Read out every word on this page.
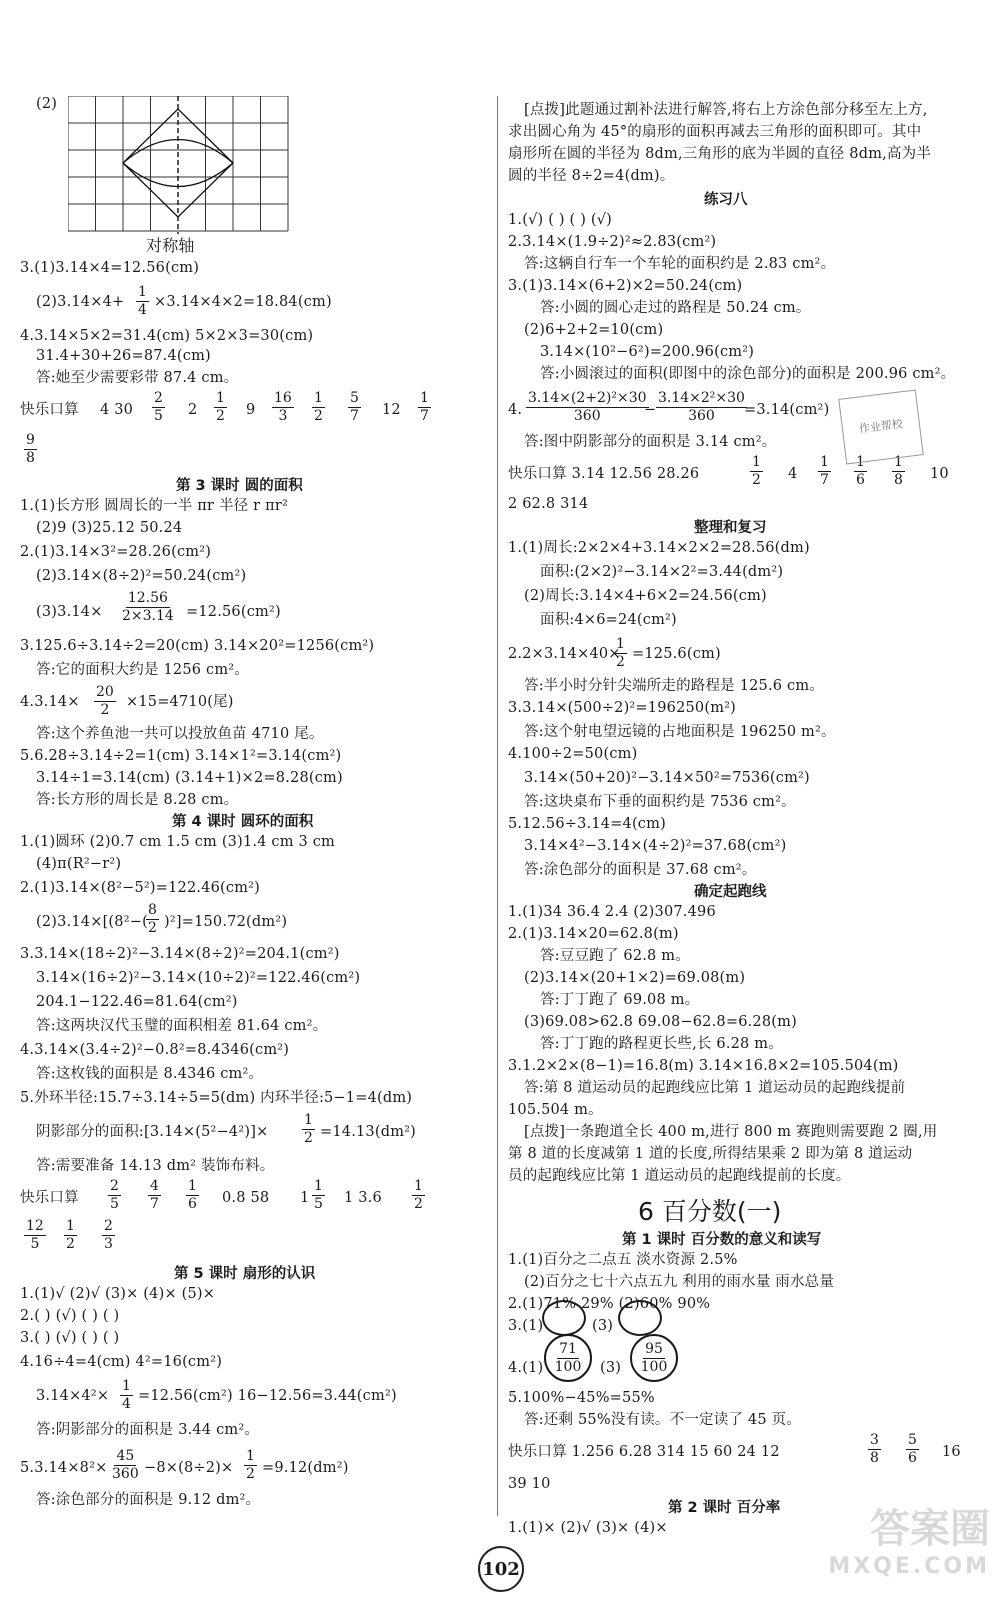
(2)
对称轴
3.(1)3.14×4=12.56(cm)
$(2)3.14\times 4+ \frac{1}{4} \times 3.14\times 4\times 2=18.84(cm)$
4.3.14×5×2=31.4(cm) 5×2×3=30(cm)
31.4+30+26=87.4(cm)
答:她至少需要彩带 87.4 cm。
快乐口算 4 $30 \frac{2}{5} 2 \frac{1}{2} 9 \frac{16}{3} \frac{1}{2} \frac{5}{7} 12 \frac{1}{7}$
$\frac{9}{8}$
第 3 课时 圆的面积
1.(1)长方形 圆周长的一半 πr 半径 r πr²
(2)9 (3)25.12 50.24
2.(1)3.14×3²=28.26(cm²)
(2)3.14×(8÷2)²=50.24(cm²)
$(3)3.14\times \frac{12.56}{2\times 3.14} =12.56(cm^2)$
3.125.6÷3.14÷2=20(cm) 3.14×20²=1256(cm²)
答:它的面积大约是 1256 cm²。
$4.3.14\times \frac{20}{2} \times 15=4710$(尾)
答:这个养鱼池一共可以投放鱼苗 4710 尾。
5.6.28÷3.14÷2=1(cm) 3.14×1²=3.14(cm²)
3.14÷1=3.14(cm) (3.14+1)×2=8.28(cm)
答:长方形的周长是 8.28 cm。
第 4 课时 圆环的面积
1.(1)圆环 (2)0.7 cm 1.5 cm (3)1.4 cm 3 cm
(4)π(R²−r²)
2.(1)3.14×(8²−5²)=122.46(cm²)
(2)3.14×[(8²−(
$\frac{8}{2} )^2]=150.72(dm^2)$
3.3.14×(18÷2)²−3.14×(8÷2)²=204.1(cm²)
3.14×(16÷2)²−3.14×(10÷2)²=122.46(cm²)
204.1−122.46=81.64(cm²)
答:这两块汉代玉璧的面积相差 81.64 cm²。
4.3.14×(3.4÷2)²−0.8²=8.4346(cm²)
答:这枚钱的面积是 8.4346 cm²。
5.外环半径:15.7÷3.14÷5=5(dm) 内环半径:5−1=4(dm)
阴影部分的面积:[3.14×(5²−4²)]× $\frac{1}{2} =14.13(dm^2)$
答:需要准备 14.13 dm² 装饰布料。
快乐口算 $\frac{2}{5} \frac{4}{7} \frac{1}{6} 0.8$ 58 $1 \frac{1}{5} 1$ $3.6 \frac{1}{2}$
$\frac{12}{5} \frac{1}{2} \frac{2}{3}$
第 5 课时 扇形的认识
1.(1)√ (2)√ (3)× (4)× (5)×
2.( ) (√) ( ) ( )
3.( ) (√) ( ) ( )
4.16÷4=4(cm) 4²=16(cm²)
$3.14\times 4^2\times \frac{1}{4} =12.56(cm^2)$ 16−12.56=3.44(cm²)
答:阴影部分的面积是 3.44 cm²。
$5.3.14\times 8^2\times \frac{45}{360} -8\times(8\div 2)\times \frac{1}{2} =9.12(dm^2)$
答:涂色部分的面积是 9.12 dm²。
[点拨]此题通过割补法进行解答,将右上方涂色部分移至左上方,
求出圆心角为 45°的扇形的面积再减去三角形的面积即可。其中
扇形所在圆的半径为 8dm,三角形的底为半圆的直径 8dm,高为半
圆的半径 8÷2=4(dm)。
练习八
1.(√) ( ) ( ) (√)
2.3.14×(1.9÷2)²≈2.83(cm²)
答:这辆自行车一个车轮的面积约是 2.83 cm²。
3.(1)3.14×(6+2)×2=50.24(cm)
答:小圆的圆心走过的路程是 50.24 cm。
(2)6+2+2=10(cm)
3.14×(10²−6²)=200.96(cm²)
答:小圆滚过的面积(即图中的涂色部分)的面积是 200.96 cm²。
4. $\frac{\text{3.14×(2+2)²×30}}{360}$
− $\frac{\text{3.14×2²×30}}{360}$
=3.14(cm²)
答:图中阴影部分的面积是 3.14 cm²。
快乐口算 3.14 12.56 28.26	$\frac{1}{2} 4 \frac{1}{7} \frac{1}{6} \frac{1}{8} 10$
2 62.8 314
整理和复习
1.(1)周长:2×2×4+3.14×2×2=28.56(dm)
面积:(2×2)²−3.14×2²=3.44(dm²)
(2)周长:3.14×4+6×2=24.56(cm)
面积:4×6=24(cm²)
2.2×3.14×40×
$\frac{1}{2} =125.6(cm)$
答:半小时分针尖端所走的路程是 125.6 cm。
3.3.14×(500÷2)²=196250(m²)
答:这个射电望远镜的占地面积是 196250 m²。
4.100÷2=50(cm)
3.14×(50+20)²−3.14×50²=7536(cm²)
答:这块桌布下垂的面积约是 7536 cm²。
5.12.56÷3.14=4(cm)
3.14×4²−3.14×(4÷2)²=37.68(cm²)
答:涂色部分的面积是 37.68 cm²。
确定起跑线
1.(1)34 36.4 2.4 (2)307.496
2.(1)3.14×20=62.8(m)
答:豆豆跑了 62.8 m。
(2)3.14×(20+1×2)=69.08(m)
答:丁丁跑了 69.08 m。
(3)69.08>62.8 69.08−62.8=6.28(m)
答:丁丁跑的路程更长些,长 6.28 m。
3.1.2×2×(8−1)=16.8(m) 3.14×16.8×2=105.504(m)
答:第 8 道运动员的起跑线应比第 1 道运动员的起跑线提前
105.504 m。
[点拨]一条跑道全长 400 m,进行 800 m 赛跑则需要跑 2 圈,用
第 8 道的长度减第 1 道的长度,所得结果乘 2 即为第 8 道运动
员的起跑线应比第 1 道运动员的起跑线提前的长度。
6 百分数(一)
第 1 课时 百分数的意义和读写
1.(1)百分之二点五 淡水资源 2.5%
(2)百分之七十六点五九 利用的雨水量 雨水总量
2.(1)71% 29% (2)60% 90%
3.(1)	(3)
$4.(1) \frac{71}{100} (3) \frac{95}{100}$
5.100%−45%=55%
答:还剩 55%没有读。不一定读了 45 页。
快乐口算 1.256 6.28 314 15 60 24 12	$\frac{3}{8} \frac{5}{6} 16$
39 10
第 2 课时 百分率
1.(1)× (2)√ (3)× (4)×
作业帮校
102
答案圈
MXQE.COM
